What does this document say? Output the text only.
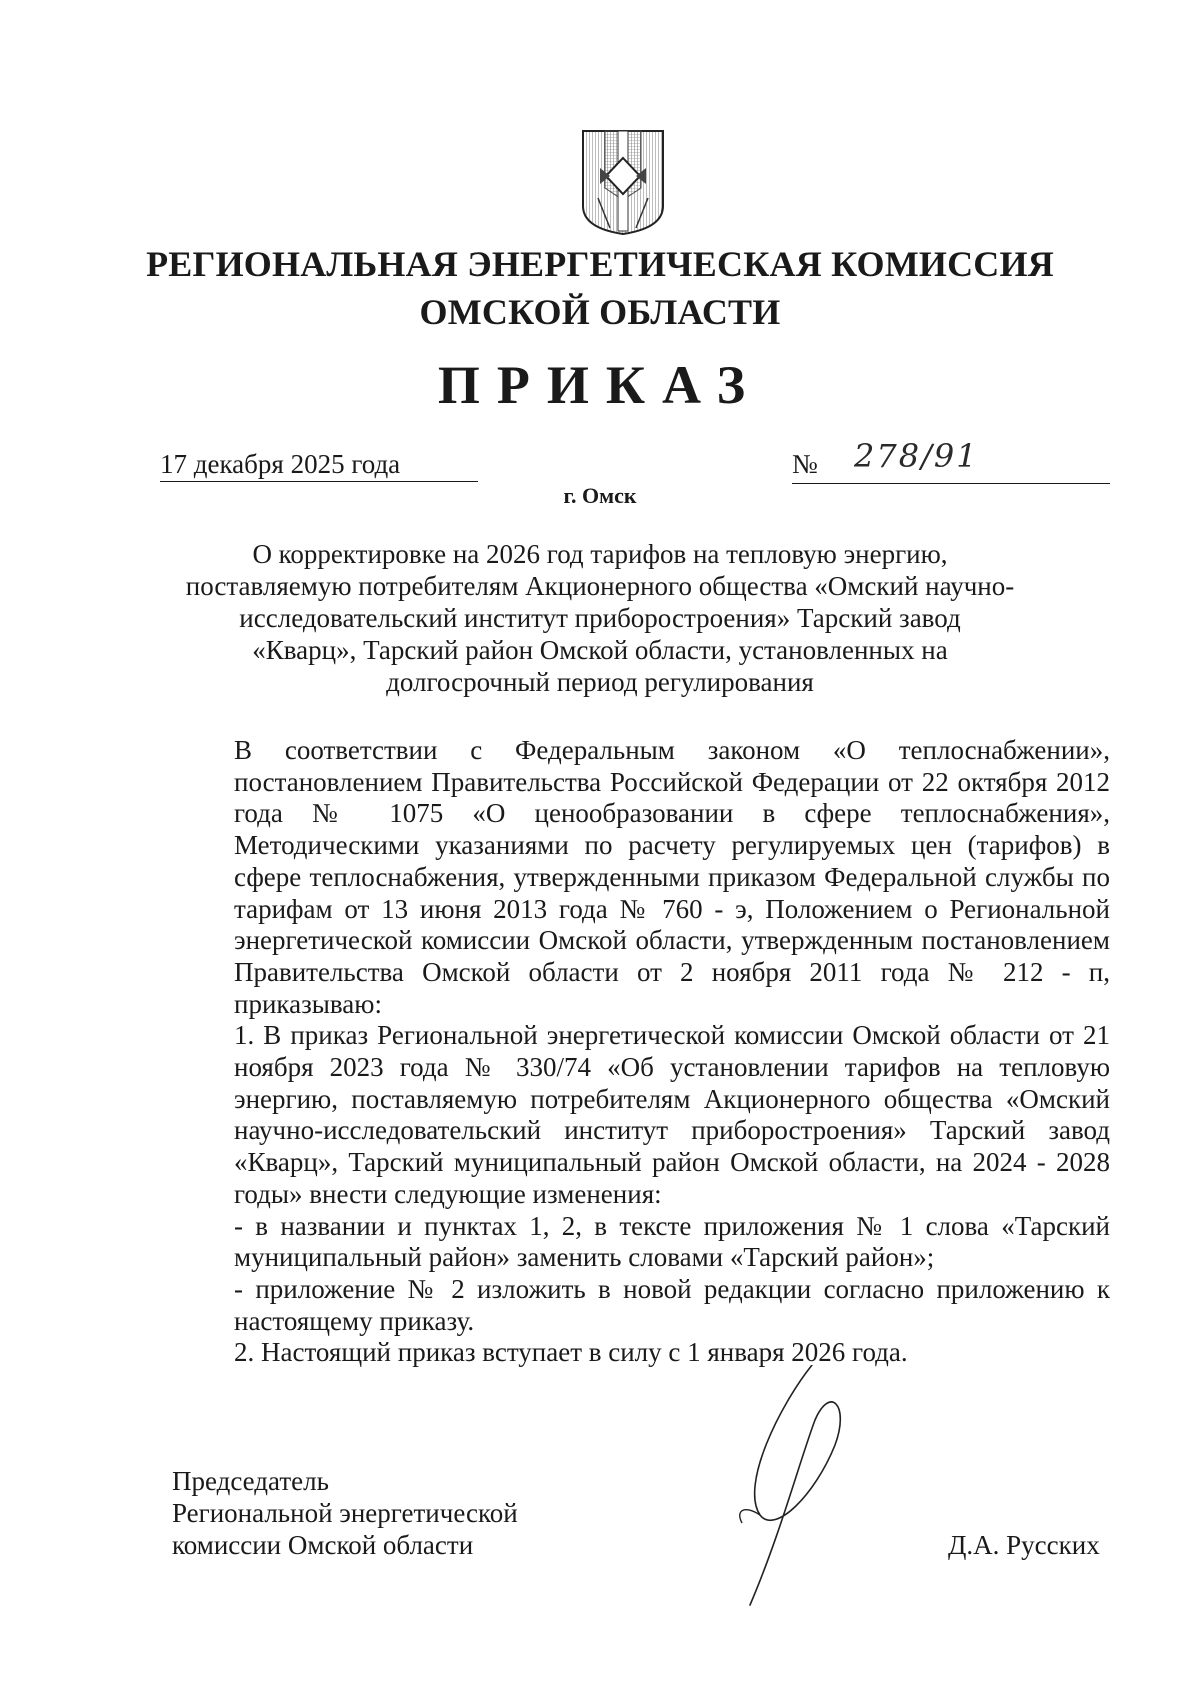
РЕГИОНАЛЬНАЯ ЭНЕРГЕТИЧЕСКАЯ КОМИССИЯ
ОМСКОЙ ОБЛАСТИ
ПРИКАЗ
17 декабря 2025 года	№ 278/91
г. Омск
О корректировке на 2026 год тарифов на тепловую энергию,
поставляемую потребителям Акционерного общества «Омский научно-
исследовательский институт приборостроения» Тарский завод
«Кварц», Тарский район Омской области, установленных на
долгосрочный период регулирования

В соответствии с Федеральным законом «О теплоснабжении», постановлением Правительства Российской Федерации от 22 октября 2012 года № 1075 «О ценообразовании в сфере теплоснабжения», Методическими указаниями по расчету регулируемых цен (тарифов) в сфере теплоснабжения, утвержденными приказом Федеральной службы по тарифам от 13 июня 2013 года № 760 - э, Положением о Региональной энергетической комиссии Омской области, утвержденным постановлением Правительства Омской области от 2 ноября 2011 года № 212 - п, приказываю:

1. В приказ Региональной энергетической комиссии Омской области от 21 ноября 2023 года № 330/74 «Об установлении тарифов на тепловую энергию, поставляемую потребителям Акционерного общества «Омский научно-исследовательский институт приборостроения» Тарский завод «Кварц», Тарский муниципальный район Омской области, на 2024 - 2028 годы» внести следующие изменения:

- в названии и пунктах 1, 2, в тексте приложения № 1 слова «Тарский муниципальный район» заменить словами «Тарский район»;

- приложение № 2 изложить в новой редакции согласно приложению к настоящему приказу.

2. Настоящий приказ вступает в силу с 1 января 2026 года.

Председатель
Региональной энергетической
комиссии Омской области	Д.А. Русских
